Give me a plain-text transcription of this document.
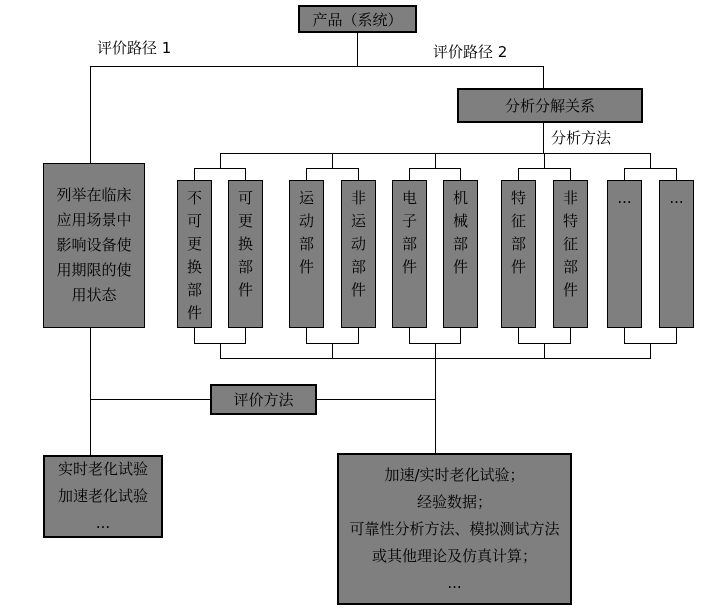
产品（系统）
评价路径 1	评价路径 2
分析分解关系
分析方法
列举在临床应用场景中影响设备使用期限的使用状态
不可更换部件
可更换部件
运动部件
非运动部件
电子部件
机械部件
特征部件
非特征部件
...	...
评价方法
实时老化试验
加速老化试验
...
加速/实时老化试验；
经验数据；
可靠性分析方法、模拟测试方法
或其他理论及仿真计算；
...
